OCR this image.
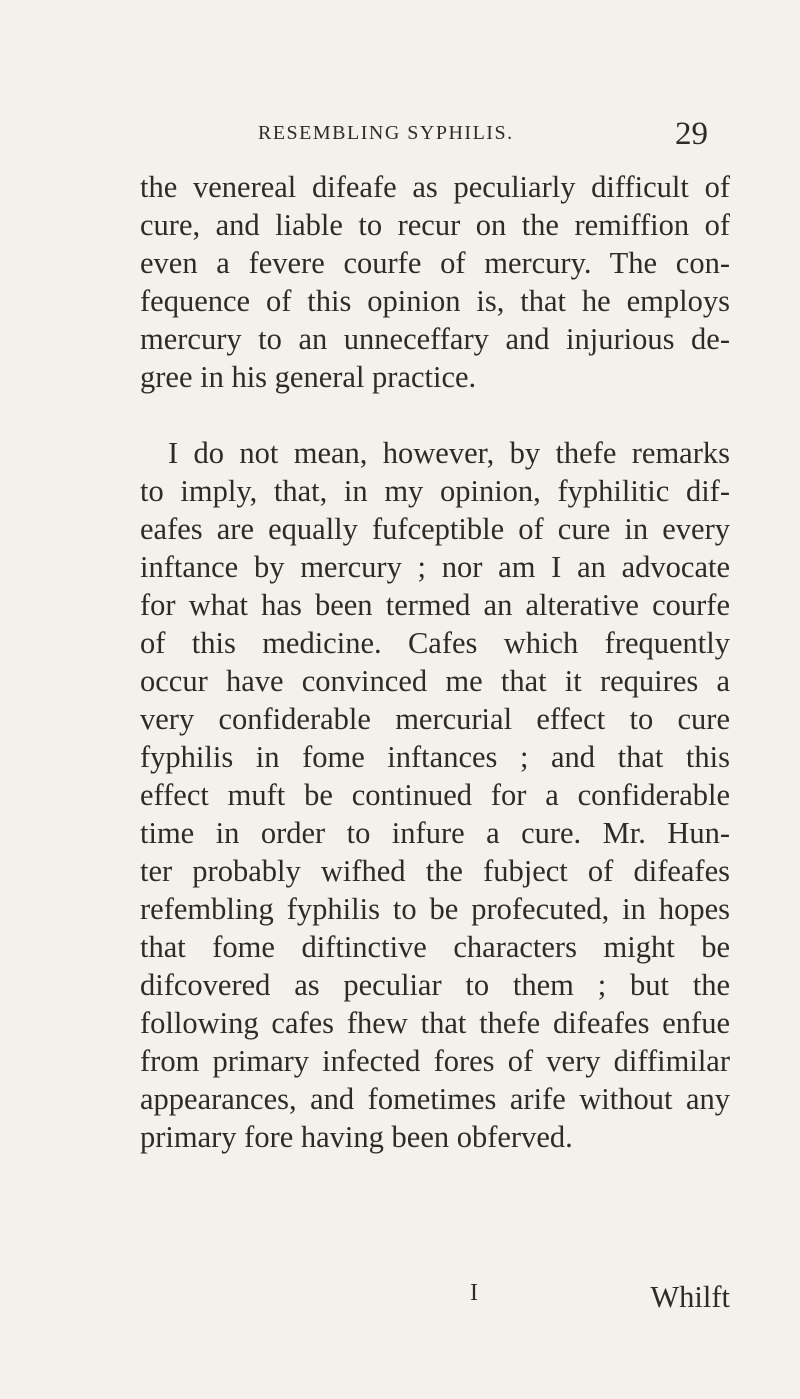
RESEMBLING SYPHILIS.	29
the venereal difeafe as peculiarly difficult of
cure, and liable to recur on the remiffion of
even a fevere courfe of mercury. The con-
fequence of this opinion is, that he employs
mercury to an unneceffary and injurious de-
gree in his general practice.
I do not mean, however, by thefe remarks
to imply, that, in my opinion, fyphilitic dif-
eafes are equally fufceptible of cure in every
inftance by mercury ; nor am I an advocate
for what has been termed an alterative courfe
of this medicine. Cafes which frequently
occur have convinced me that it requires a
very confiderable mercurial effect to cure
fyphilis in fome inftances ; and that this
effect muft be continued for a confiderable
time in order to infure a cure. Mr. Hun-
ter probably wifhed the fubject of difeafes
refembling fyphilis to be profecuted, in hopes
that fome diftinctive characters might be
difcovered as peculiar to them ; but the
following cafes fhew that thefe difeafes enfue
from primary infected fores of very diffimilar
appearances, and fometimes arife without any
primary fore having been obferved.
I	Whilft
